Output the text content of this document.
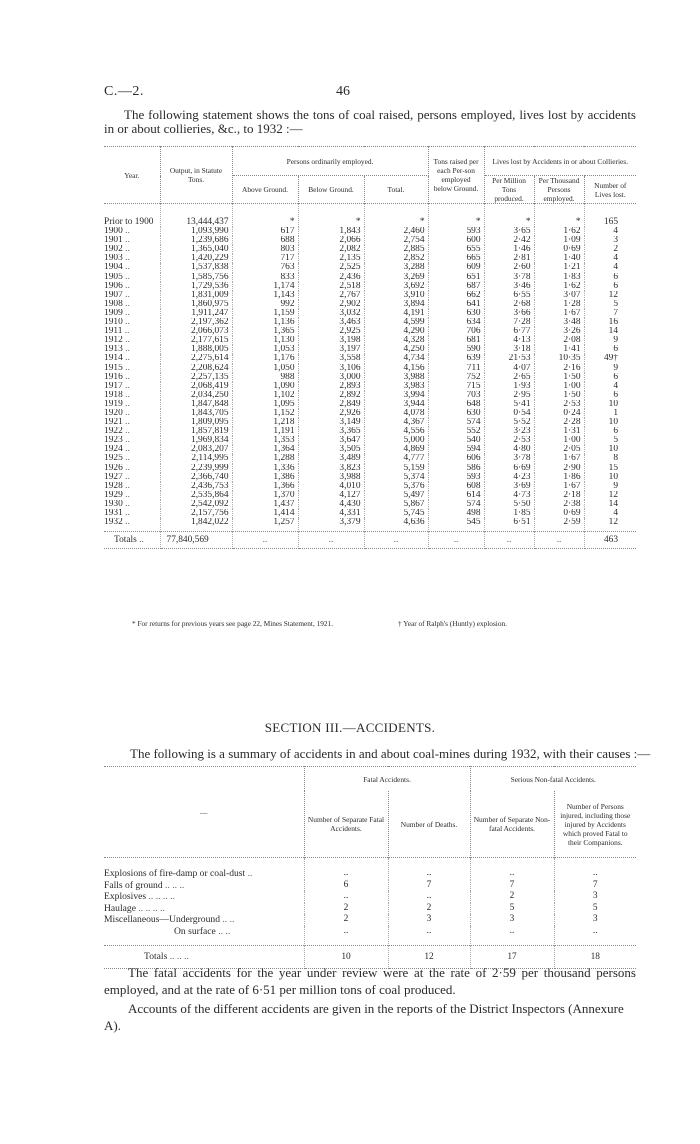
C.—2.	46
The following statement shows the tons of coal raised, persons employed, lives lost by accidents
in or about collieries, &c., to 1932 :—
Year.	Output, in Statute Tons.	Persons ordinarily employed.			Tons raised per each Per-son employed below Ground.	Lives lost by Accidents in or about Collieries.		
		Above Ground.	Below Ground.	Total.		Per Million Tons produced.	Per Thousand Persons employed.	Number of Lives lost.
Prior to 1900	13,444,437	*	*	*	*	*	*	165
1900 ..	1,093,990	617	1,843	2,460	593	3·65	1·62	4
1901 ..	1,239,686	688	2,066	2,754	600	2·42	1·09	3
1902 ..	1,365,040	803	2,082	2,885	655	1·46	0·69	2
1903 ..	1,420,229	717	2,135	2,852	665	2·81	1·40	4
1904 ..	1,537,838	763	2,525	3,288	609	2·60	1·21	4
1905 ..	1,585,756	833	2,436	3,269	651	3·78	1·83	6
1906 ..	1,729,536	1,174	2,518	3,692	687	3·46	1·62	6
1907 ..	1,831,009	1,143	2,767	3,910	662	6·55	3·07	12
1908 ..	1,860,975	992	2,902	3,894	641	2·68	1·28	5
1909 ..	1,911,247	1,159	3,032	4,191	630	3·66	1·67	7
1910 ..	2,197,362	1,136	3,463	4,599	634	7·28	3·48	16
1911 ..	2,066,073	1,365	2,925	4,290	706	6·77	3·26	14
1912 ..	2,177,615	1,130	3,198	4,328	681	4·13	2·08	9
1913 ..	1,888,005	1,053	3,197	4,250	590	3·18	1·41	6
1914 ..	2,275,614	1,176	3,558	4,734	639	21·53	10·35	49†
1915 ..	2,208,624	1,050	3,106	4,156	711	4·07	2·16	9
1916 ..	2,257,135	988	3,000	3,988	752	2·65	1·50	6
1917 ..	2,068,419	1,090	2,893	3,983	715	1·93	1·00	4
1918 ..	2,034,250	1,102	2,892	3,994	703	2·95	1·50	6
1919 ..	1,847,848	1,095	2,849	3,944	648	5·41	2·53	10
1920 ..	1,843,705	1,152	2,926	4,078	630	0·54	0·24	1
1921 ..	1,809,095	1,218	3,149	4,367	574	5·52	2·28	10
1922 ..	1,857,819	1,191	3,365	4,556	552	3·23	1·31	6
1923 ..	1,969,834	1,353	3,647	5,000	540	2·53	1·00	5
1924 ..	2,083,207	1,364	3,505	4,869	594	4·80	2·05	10
1925 ..	2,114,995	1,288	3,489	4,777	606	3·78	1·67	8
1926 ..	2,239,999	1,336	3,823	5,159	586	6·69	2·90	15
1927 ..	2,366,740	1,386	3,988	5,374	593	4·23	1·86	10
1928 ..	2,436,753	1,366	4,010	5,376	608	3·69	1·67	9
1929 ..	2,535,864	1,370	4,127	5,497	614	4·73	2·18	12
1930 ..	2,542,092	1,437	4,430	5,867	574	5·50	2·38	14
1931 ..	2,157,756	1,414	4,331	5,745	498	1·85	0·69	4
1932 ..	1,842,022	1,257	3,379	4,636	545	6·51	2·59	12
Totals ..	77,840,569	..	..	..	..	..	..	463
* For returns for previous years see page 22, Mines Statement, 1921.	† Year of Ralph's (Huntly) explosion.
SECTION III.—ACCIDENTS.
The following is a summary of accidents in and about coal-mines during 1932, with their causes :—
—	Fatal Accidents.		Serious Non-fatal Accidents.	
	Number of Separate Fatal Accidents.	Number of Deaths.	Number of Separate Non-fatal Accidents.	Number of Persons injured, including those injured by Accidents which proved Fatal to their Companions.
Explosions of fire-damp or coal-dust ..	..	..	..	..
Falls of ground .. .. ..	6	7	7	7
Explosives .. .. .. ..	..	..	2	3
Haulage .. .. .. ..	2	2	5	5
Miscellaneous—Underground .. ..	2	3	3	3
On surface .. ..	..	..	..	..
Totals .. .. ..	10	12	17	18
The fatal accidents for the year under review were at the rate of 2·59 per thousand persons
employed, and at the rate of 6·51 per million tons of coal produced.
Accounts of the different accidents are given in the reports of the District Inspectors (Annexure A).
